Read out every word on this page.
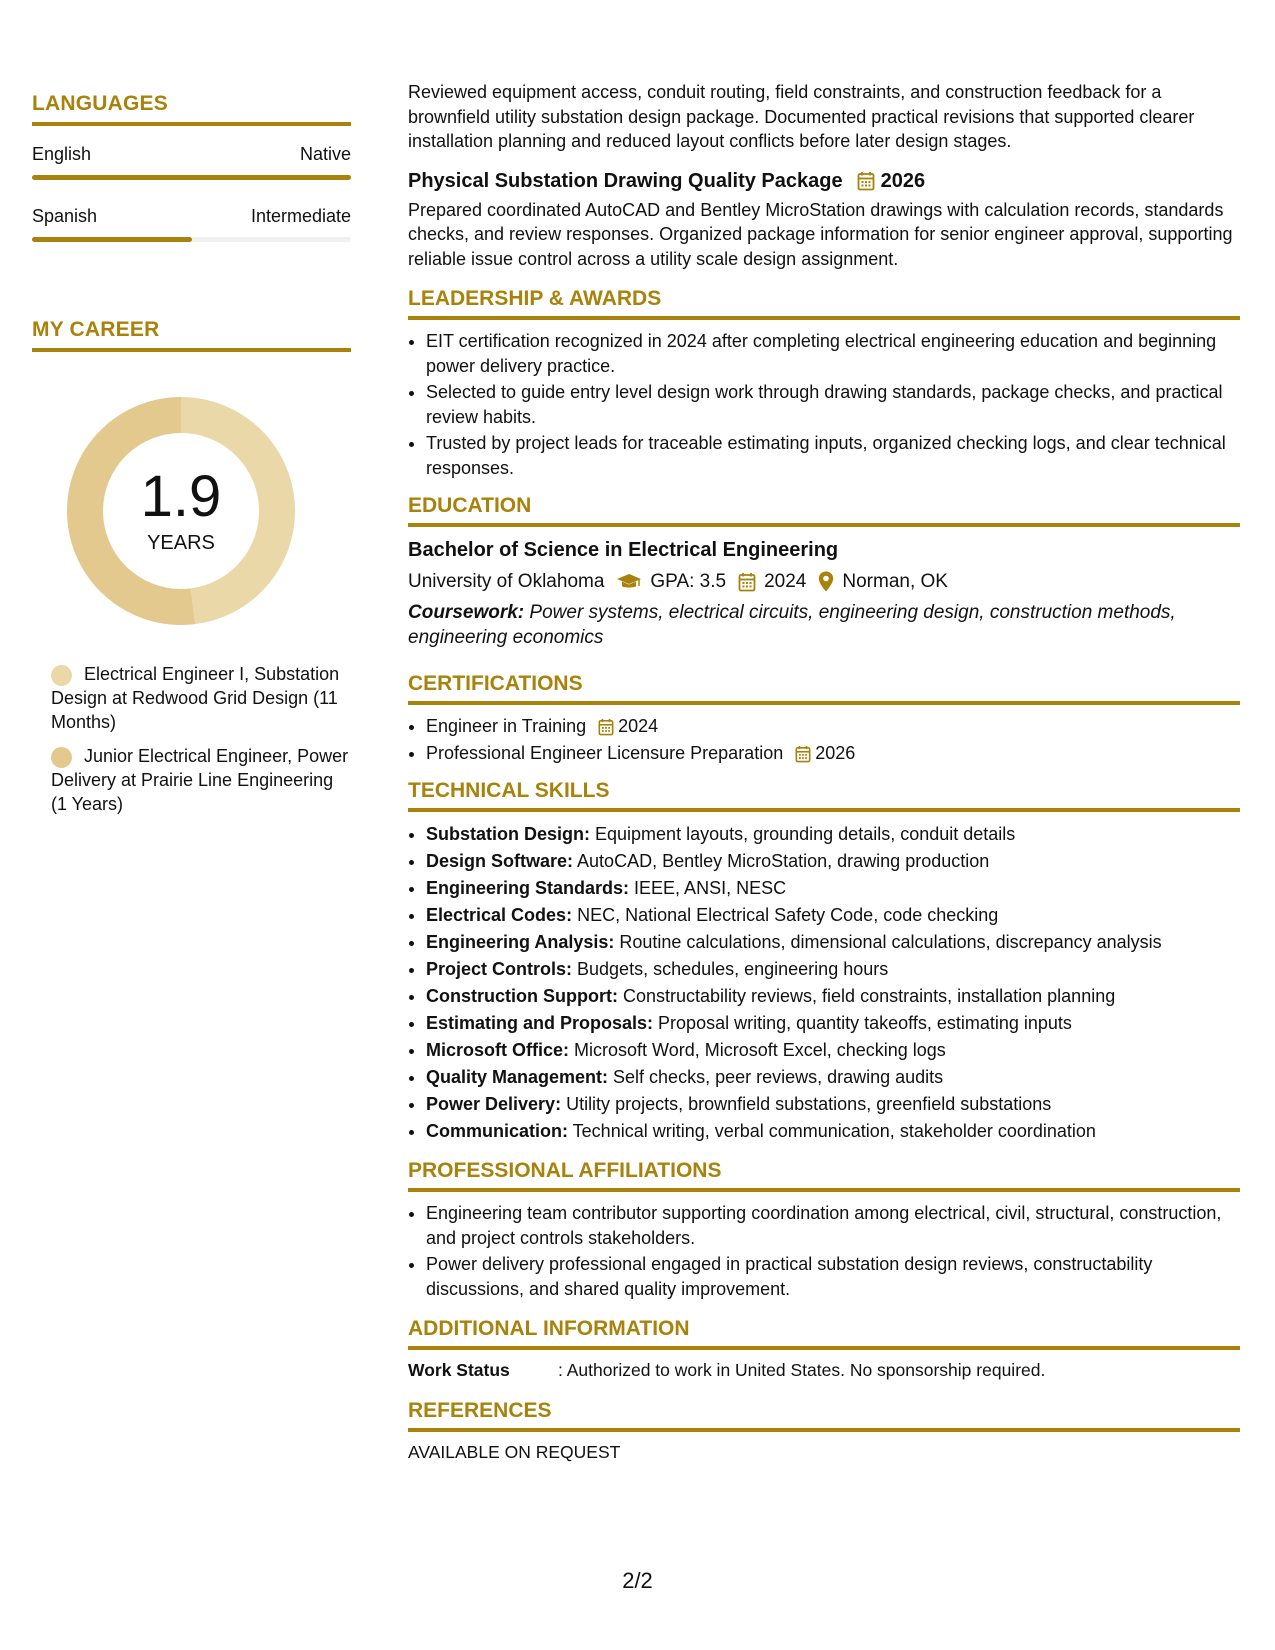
LANGUAGES
English	Native
Spanish	Intermediate
MY CAREER
1.9
YEARS
Electrical Engineer I, Substation Design at Redwood Grid Design (11 Months)
Junior Electrical Engineer, Power Delivery at Prairie Line Engineering (1 Years)

Reviewed equipment access, conduit routing, field constraints, and construction feedback for a brownfield utility substation design package. Documented practical revisions that supported clearer installation planning and reduced layout conflicts before later design stages.

Physical Substation Drawing Quality Package 2026

Prepared coordinated AutoCAD and Bentley MicroStation drawings with calculation records, standards checks, and review responses. Organized package information for senior engineer approval, supporting reliable issue control across a utility scale design assignment.

LEADERSHIP & AWARDS
• EIT certification recognized in 2024 after completing electrical engineering education and beginning power delivery practice.
• Selected to guide entry level design work through drawing standards, package checks, and practical review habits.
• Trusted by project leads for traceable estimating inputs, organized checking logs, and clear technical responses.
EDUCATION
Bachelor of Science in Electrical Engineering
University of Oklahoma GPA: 3.5 2024 Norman, OK
Coursework: Power systems, electrical circuits, engineering design, construction methods, engineering economics
CERTIFICATIONS
• Engineer in Training 2024
• Professional Engineer Licensure Preparation 2026
TECHNICAL SKILLS
• Substation Design: Equipment layouts, grounding details, conduit details
• Design Software: AutoCAD, Bentley MicroStation, drawing production
• Engineering Standards: IEEE, ANSI, NESC
• Electrical Codes: NEC, National Electrical Safety Code, code checking
• Engineering Analysis: Routine calculations, dimensional calculations, discrepancy analysis
• Project Controls: Budgets, schedules, engineering hours
• Construction Support: Constructability reviews, field constraints, installation planning
• Estimating and Proposals: Proposal writing, quantity takeoffs, estimating inputs
• Microsoft Office: Microsoft Word, Microsoft Excel, checking logs
• Quality Management: Self checks, peer reviews, drawing audits
• Power Delivery: Utility projects, brownfield substations, greenfield substations
• Communication: Technical writing, verbal communication, stakeholder coordination
PROFESSIONAL AFFILIATIONS
• Engineering team contributor supporting coordination among electrical, civil, structural, construction, and project controls stakeholders.
• Power delivery professional engaged in practical substation design reviews, constructability discussions, and shared quality improvement.
ADDITIONAL INFORMATION
Work Status	: Authorized to work in United States. No sponsorship required.
REFERENCES
AVAILABLE ON REQUEST
2/2
